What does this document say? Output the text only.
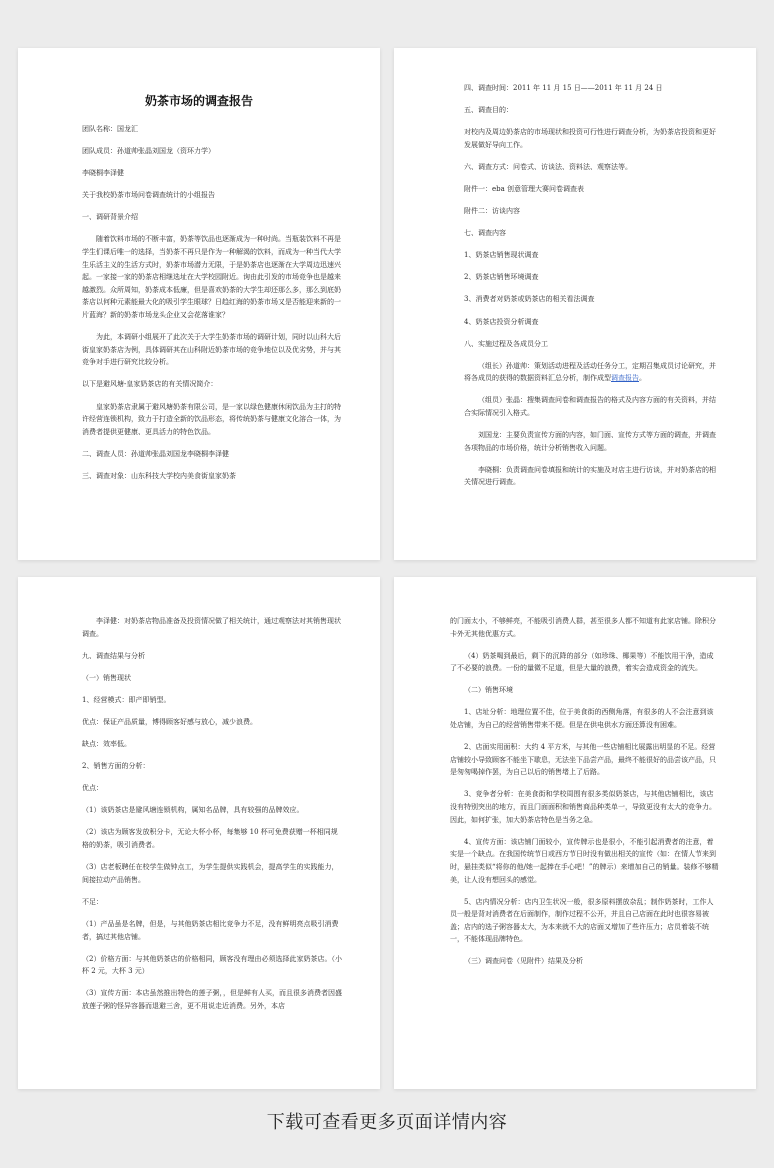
奶茶市场的调查报告

团队名称：国龙汇

团队成员：孙道帅张晶刘国龙（资环力学）

李晓桐李泽健

关于我校奶茶市场问卷调查统计的小组报告

一、调研背景介绍

随着饮料市场的不断丰富，奶茶等饮品也逐渐成为一种时尚。当瓶装饮料不再是学生们课后唯一的选择，当奶茶不再只是作为一种解渴的饮料，而成为一种当代大学生乐活主义的生活方式时，奶茶市场潜力无限，于是奶茶店也逐渐在大学周边迅速兴起。一家接一家的奶茶店相继选址在大学校园附近。询由此引发的市场竞争也是越来越激烈。众所周知，奶茶成本低廉，但是喜欢奶茶的大学生却还那么多，那么到底奶茶店以何种元素能最大化的吸引学生眼球？日趋红海的奶茶市场又是否能迎来新的一片蓝海？新的奶茶市场龙头企业又会花落谁家？

为此，本调研小组展开了此次关于大学生奶茶市场的调研计划，同时以山科大后街皇家奶茶店为例，具体调研其在山科附近奶茶市场的竞争地位以及优劣势，并与其竞争对手进行研究比较分析。

以下是避风塘-皇家奶茶店的有关情况简介：

皇家奶茶店隶属于避风塘奶茶有限公司，是一家以绿色健康休闲饮品为主打的特许经营连锁机构，致力于打造全新的饮品形态，将传统奶茶与健康文化溶合一体，为消费者提供更健康、更具活力的特色饮品。

二、调查人员：孙道帅张晶刘国龙李晓桐李泽健

三、调查对象：山东科技大学校内美食街皇家奶茶

四、调查时间：2011 年 11 月 15 日——2011 年 11 月 24 日

五、调查目的：

对校内及周边奶茶店的市场现状和投资可行性进行调查分析，为奶茶店投资和更好发展做好导向工作。

六、调查方式：问卷式、访谈法、资料法、观察法等。

附件一：eba 创意管理大赛问卷调查表

附件二：访谈内容

七、调查内容

1、奶茶店销售现状调查

2、奶茶店销售环境调查

3、消费者对奶茶或奶茶店的相关看法调查

4、奶茶店投资分析调查

八、实施过程及各成员分工

（组长）孙道帅：策划活动进程及活动任务分工，定期召集成员讨论研究，并将各成员的获得的数据资料汇总分析，制作成型调查报告。

（组员）张晶：搜集调查问卷和调查报告的格式及内容方面的有关资料，并结合实际情况引入格式。

刘国龙：主要负责宣传方面的内容，如门面、宣传方式等方面的调查，并调查各项物品的市场价格，统计分析销售收入问题。

李晓桐：负责调查问卷填报和统计的实施及对店主进行访谈，并对奶茶店的相关情况进行调查。

李泽健：对奶茶店物品准备及投资情况做了相关统计，通过观察法对其销售现状调查。

九、调查结果与分析

（一）销售现状

1、经营模式：即产即销型。

优点：保证产品质量，博得顾客好感与放心，减少浪费。

缺点：效率低。

2、销售方面的分析：

优点：

（1）该奶茶店是避风塘连锁机构，属知名品牌，具有较强的品牌效应。

（2）该店为顾客发放积分卡，无论大杯小杯，每集够 10 杯可免费获赠一杯相同规格的奶茶，吸引消费者。

（3）店老板聘任在校学生做钟点工，为学生提供实践机会，提高学生的实践能力，间接拉动产品销售。

不足：

（1）产品虽是名牌，但是，与其他奶茶店相比竞争力不足，没有鲜明亮点吸引消费者，搞过其他店铺。

（2）价格方面：与其他奶茶店的价格相同，顾客没有理由必须选择此家奶茶店。（小杯 2 元，大杯 3 元）

（3）宣传方面：本店虽然推出特色的莲子粥，，但是鲜有人买，而且很多消费者因盛放莲子粥的怪异容器而退避三舍，更不用说走近消费。另外，本店

的门面太小，不够鲜亮，不能吸引消费人群，甚至很多人都不知道有此家店铺。除积分卡外无其他优惠方式。

（4）奶茶喝到最后，剩下的沉降的部分（如珍珠、椰果等）不能饮用干净，造成了不必要的浪费。一份的量微不足道，但是大量的浪费，着实会造成资金的流失。

（二）销售环境

1、店址分析：地理位置不佳，位于美食街的西侧角落，有很多的人不会注意到该处店铺，为自己的经营销售带来不便。但是在供电供水方面还算没有困难。

2、店面实用面积：大约 4 平方米，与其他一些店铺相比展露出明显的不足。经营店铺较小导致顾客不能坐下歇息，无法坐下品尝产品，最终不能很好的品尝该产品，只是匆匆喝掉作罢，为自己以后的销售堵上了后路。

3、竞争者分析：在美食街和学校周围有很多类似奶茶店，与其他店铺相比，该店没有特别突出的地方，而且门面面积和销售商品种类单一，导致更没有太大的竞争力。因此，如何扩张，加大奶茶店特色是当务之急。

4、宣传方面：该店铺门面较小，宣传牌示也是很小，不能引起消费者的注意，着实是一个缺点。在我国传统节日或西方节日时没有做出相关的宣传（如：在情人节来到时，悬挂类似“将你的他/她一起捧在手心吧！”的牌示）来增加自己的销量。装修不够精美，让人没有想回头的感觉。

5、店内情况分析：店内卫生状况一般，很多原料摆放杂乱；制作奶茶时，工作人员一般是背对消费者在后面制作，制作过程不公开，并且自己店面在此时也很容易被盖；店内的选子粥容器太大，为本来就不大的店面又增加了些许压力；店员着装不统一，不能体现品牌特色。

（三）调查问卷（见附件）结果及分析

下载可查看更多页面详情内容
